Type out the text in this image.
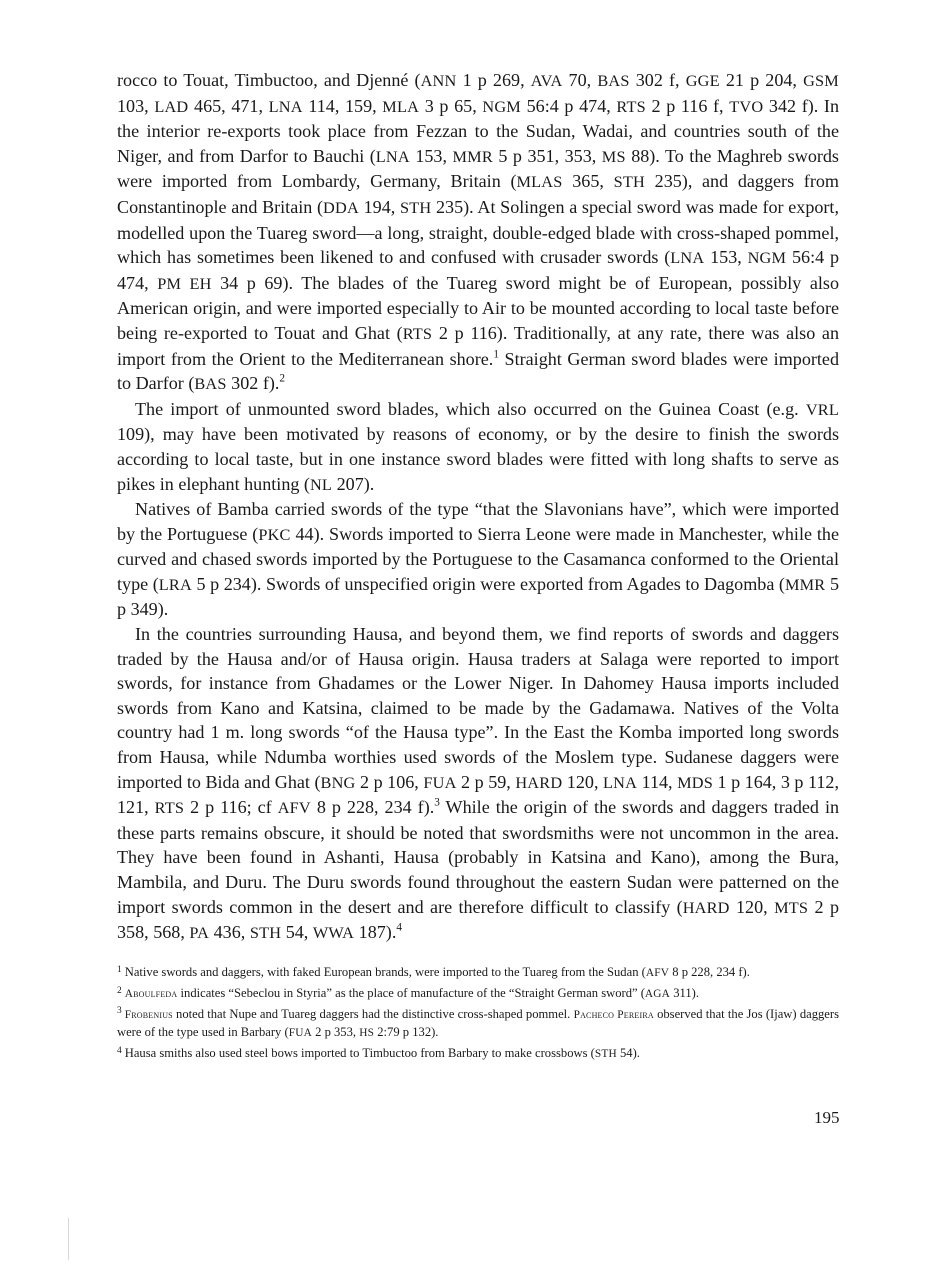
rocco to Touat, Timbuctoo, and Djenné (ANN 1 p 269, AVA 70, BAS 302 f, GGE 21 p 204, GSM 103, LAD 465, 471, LNA 114, 159, MLA 3 p 65, NGM 56:4 p 474, RTS 2 p 116 f, TVO 342 f). In the interior re-exports took place from Fezzan to the Sudan, Wadai, and countries south of the Niger, and from Darfor to Bauchi (LNA 153, MMR 5 p 351, 353, MS 88). To the Maghreb swords were imported from Lombardy, Germany, Britain (MLAS 365, STH 235), and daggers from Constantinople and Britain (DDA 194, STH 235). At Solingen a special sword was made for export, modelled upon the Tuareg sword—a long, straight, double-edged blade with cross-shaped pommel, which has sometimes been likened to and confused with crusader swords (LNA 153, NGM 56:4 p 474, PM EH 34 p 69). The blades of the Tuareg sword might be of European, possibly also American origin, and were imported especially to Air to be mounted according to local taste before being re-exported to Touat and Ghat (RTS 2 p 116). Traditionally, at any rate, there was also an import from the Orient to the Mediterranean shore.$^1$ Straight German sword blades were imported to Darfor (BAS 302 f).$^2$

The import of unmounted sword blades, which also occurred on the Guinea Coast (e.g. VRL 109), may have been motivated by reasons of economy, or by the desire to finish the swords according to local taste, but in one instance sword blades were fitted with long shafts to serve as pikes in elephant hunting (NL 207).

Natives of Bamba carried swords of the type “that the Slavonians have”, which were imported by the Portuguese (PKC 44). Swords imported to Sierra Leone were made in Manchester, while the curved and chased swords imported by the Portuguese to the Casamanca conformed to the Oriental type (LRA 5 p 234). Swords of unspecified origin were exported from Agades to Dagomba (MMR 5 p 349).

In the countries surrounding Hausa, and beyond them, we find reports of swords and daggers traded by the Hausa and/or of Hausa origin. Hausa traders at Salaga were reported to import swords, for instance from Ghadames or the Lower Niger. In Dahomey Hausa imports included swords from Kano and Katsina, claimed to be made by the Gadamawa. Natives of the Volta country had 1 m. long swords “of the Hausa type”. In the East the Komba imported long swords from Hausa, while Ndumba worthies used swords of the Moslem type. Sudanese daggers were imported to Bida and Ghat (BNG 2 p 106, FUA 2 p 59, HARD 120, LNA 114, MDS 1 p 164, 3 p 112, 121, RTS 2 p 116; cf AFV 8 p 228, 234 f).$^3$ While the origin of the swords and daggers traded in these parts remains obscure, it should be noted that swordsmiths were not uncommon in the area. They have been found in Ashanti, Hausa (probably in Katsina and Kano), among the Bura, Mambila, and Duru. The Duru swords found throughout the eastern Sudan were patterned on the import swords common in the desert and are therefore difficult to classify (HARD 120, MTS 2 p 358, 568, PA 436, STH 54, WWA 187).$^4$

$^1$ Native swords and daggers, with faked European brands, were imported to the Tuareg from the Sudan (AFV 8 p 228, 234 f).

$^2$ Aboulfeda indicates “Sebeclou in Styria” as the place of manufacture of the “Straight German sword” (AGA 311).

$^3$ Frobenius noted that Nupe and Tuareg daggers had the distinctive cross-shaped pommel. Pacheco Pereira observed that the Jos (Ijaw) daggers were of the type used in Barbary (FUA 2 p 353, HS 2:79 p 132).

$^4$ Hausa smiths also used steel bows imported to Timbuctoo from Barbary to make crossbows (STH 54).

195
